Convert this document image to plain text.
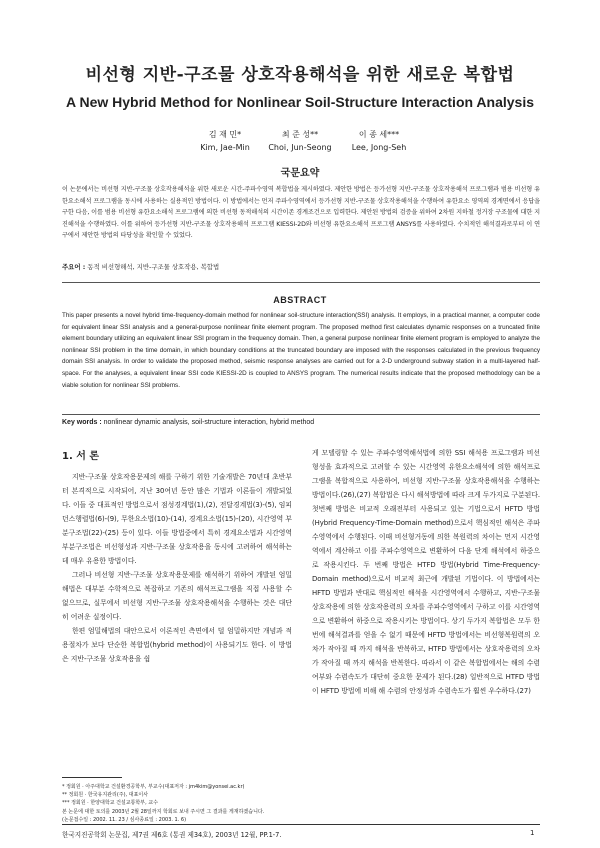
비선형 지반-구조물 상호작용해석을 위한 새로운 복합법
A New Hybrid Method for Nonlinear Soil-Structure Interaction Analysis
김 재 민*
Kim, Jae-Min
최 준 성**
Choi, Jun-Seong
이 종 세***
Lee, Jong-Seh
국문요약
이 논문에서는 비선형 지반-구조물 상호작용해석을 위한 새로운 시간-주파수영역 복합법을 제시하였다. 제안한 방법은 등가선형 지반-구조물 상호작용해석 프로그램과 범용 비선형 유한요소해석 프로그램을 동시에 사용하는 실용적인 방법이다. 이 방법에서는 먼저 주파수영역에서 등가선형 지반-구조물 상호작용해석을 수행하여 유한요소 영역의 경계면에서 응답을 구한 다음, 이를 범용 비선형 유한요소해석 프로그램에 의한 비선형 동적해석의 시간이존 경계조건으로 입력한다. 제안된 방법의 검증을 위하여 2차원 지하철 정거장 구조물에 대한 지진해석을 수행하였다. 이를 위하여 등가선형 지반-구조물 상호작용해석 프로그램 KIESSI-2D와 비선형 유한요소해석 프로그램 ANSYS를 사용하였다. 수치적인 해석결과로부터 이 연구에서 제안한 방법의 타당성을 확인할 수 있었다.
주요어 : 동적 비선형해석, 지반-구조물 상호작용, 복합법
ABSTRACT
This paper presents a novel hybrid time-frequency-domain method for nonlinear soil-structure interaction(SSI) analysis. It employs, in a practical manner, a computer code for equivalent linear SSI analysis and a general-purpose nonlinear finite element program. The proposed method first calculates dynamic responses on a truncated finite element boundary utilizing an equivalent linear SSI program in the frequency domain. Then, a general purpose nonlinear finite element program is employed to analyze the nonlinear SSI problem in the time domain, in which boundary conditions at the truncated boundary are imposed with the responses calculated in the previous frequency domain SSI analysis. In order to validate the proposed method, seismic response analyses are carried out for a 2-D underground subway station in a multi-layered half-space. For the analyses, a equivalent linear SSI code KIESSI-2D is coupled to ANSYS program. The numerical results indicate that the proposed methodology can be a viable solution for nonlinear SSI problems.
Key words : nonlinear dynamic analysis, soil-structure interaction, hybrid method
1. 서 론

지반-구조물 상호작용문제의 해를 구하기 위한 기술개발은 70년대 초반부터 본격적으로 시작되어, 지난 30여년 동안 많은 기법과 이론들이 개발되었다. 이들 중 대표적인 방법으로서 점성경계법(1),(2), 전달경계법(3)-(5), 임피던스행렬법(6)-(9), 무한요소법(10)-(14), 경계요소법(15)-(20), 시간영역 부분구조법(22)-(25) 등이 있다. 이들 방법중에서 특히 경계요소법과 시간영역 부분구조법은 비선형성과 지반-구조물 상호작용을 동시에 고려하여 해석하는데 매우 유용한 방법이다.

그러나 비선형 지반-구조물 상호작용문제를 해석하기 위하여 개발된 엄밀해법은 대부분 수학적으로 복잡하고 기존의 해석프로그램을 직접 사용할 수 없으므로, 실무에서 비선형 지반-구조물 상호작용해석을 수행하는 것은 대단히 어려운 실정이다.

한편 엄밀해법의 대안으로서 이론적인 측면에서 덜 엄밀하지만 개념과 적용절차가 보다 단순한 복합법(hybrid method)이 사용되기도 한다. 이 방법은 지반-구조물 상호작용을 쉽

게 모델링할 수 있는 주파수영역해석법에 의한 SSI 해석용 프로그램과 비선형성을 효과적으로 고려할 수 있는 시간영역 유한요소해석에 의한 해석프로그램을 복합적으로 사용하여, 비선형 지반-구조물 상호작용해석을 수행하는 방법이다.(26),(27) 복합법은 다시 해석방법에 따라 크게 두가지로 구분된다. 첫번째 방법은 비교적 오래전부터 사용되고 있는 기법으로서 HFTD 방법(Hybrid Frequency-Time-Domain method)으로서 핵심적인 해석은 주파수영역에서 수행된다. 이때 비선형거동에 의한 복원력의 차이는 먼저 시간영역에서 계산하고 이를 주파수영역으로 변환하여 다음 단계 해석에서 하중으로 작용시킨다. 두 번째 방법은 HTFD 방법(Hybrid Time-Frequency-Domain method)으로서 비교적 최근에 개발된 기법이다. 이 방법에서는 HFTD 방법과 반대로 핵심적인 해석을 시간영역에서 수행하고, 지반-구조물 상호작용에 의한 상호작용력의 오차를 주파수영역에서 구하고 이를 시간영역으로 변환하여 하중으로 작용시키는 방법이다. 상기 두가지 복합법은 모두 한번에 해석결과를 얻을 수 없기 때문에 HFTD 방법에서는 비선형복원력의 오차가 작아질 때 까지 해석을 반복하고, HTFD 방법에서는 상호작용력의 오차가 작아질 때 까지 해석을 반복한다. 따라서 이 같은 복합법에서는 해의 수렴여부와 수렴속도가 대단히 중요한 문제가 된다.(28) 일반적으로 HTFD 방법이 HFTD 방법에 비해 해 수렴의 안정성과 수렴속도가 훨씬 우수하다.(27)

* 정회원 · 아주대학교 건설환경공학부, 부교수(대표저자 : jm4kim@yonsei.ac.kr)
** 정회원 · 한국유지관리(주), 대표이사
*** 정회원 · 한양대학교 건설교통학부, 교수
본 논문에 대한 토의를 2003년 2월 28일까지 학회로 보내 주시면 그 결과를 게재하겠습니다.
(논문접수일 : 2002. 11. 23 / 심사종료일 : 2003. 1. 6)
한국지진공학회 논문집, 제7권 제6호 (통권 제34호), 2003년 12월, PP.1-7.	1
